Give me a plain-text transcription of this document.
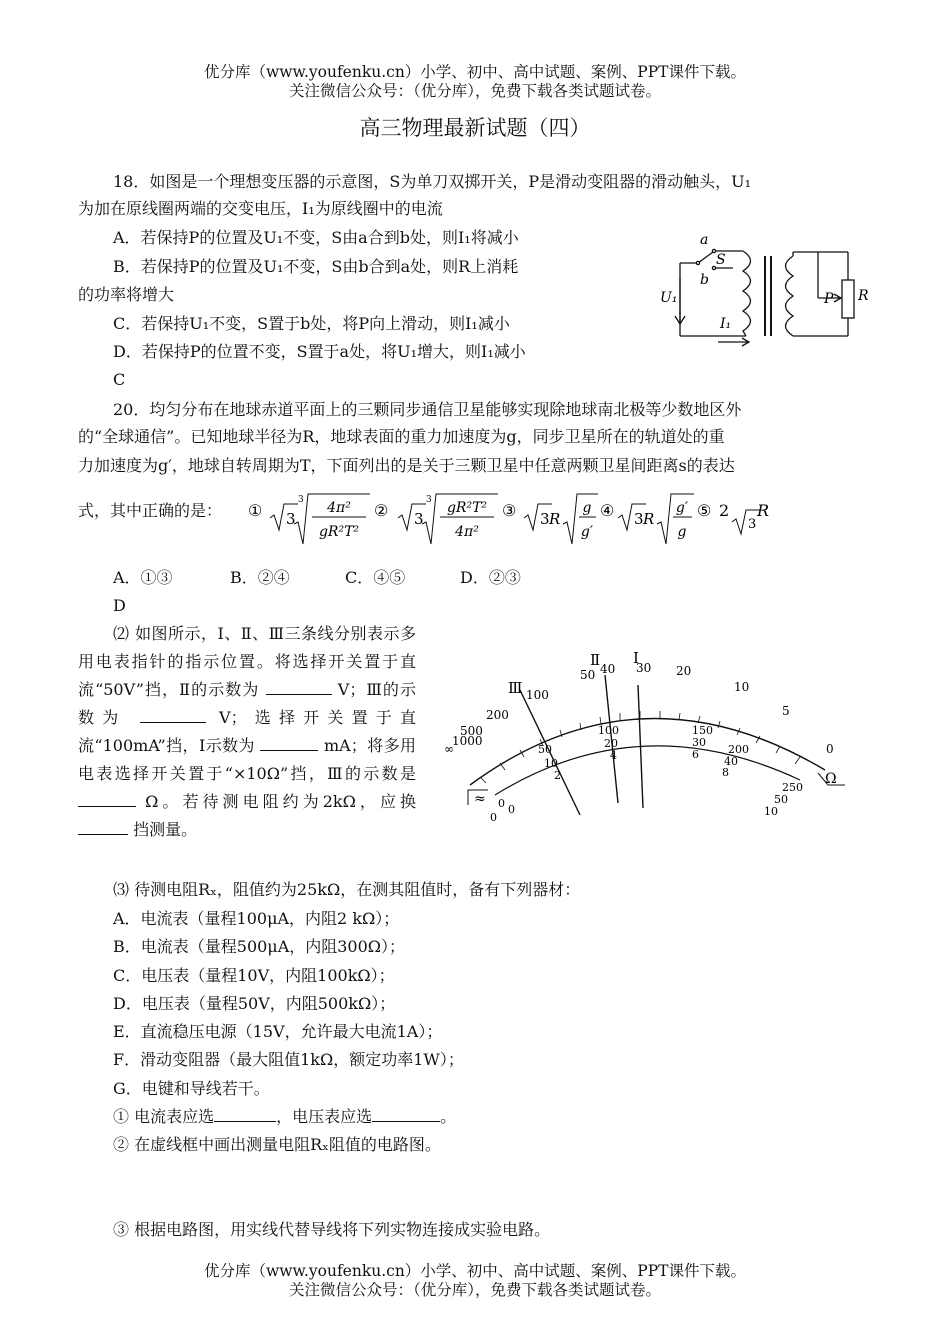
优分库（www.youfenku.cn）小学、初中、高中试题、案例、PPT课件下载。
关注微信公众号：（优分库），免费下载各类试题试卷。
高三物理最新试题（四）
18．如图是一个理想变压器的示意图，S为单刀双掷开关，P是滑动变阻器的滑动触头，U₁
为加在原线圈两端的交变电压，I₁为原线圈中的电流
A．若保持P的位置及U₁不变，S由a合到b处，则I₁将减小
B．若保持P的位置及U₁不变，S由b合到a处，则R上消耗
的功率将增大
C．若保持U₁不变，S置于b处，将P向上滑动，则I₁减小
D．若保持P的位置不变，S置于a处，将U₁增大，则I₁减小
C
a
S
b
U₁
I₁
P R
20．均匀分布在地球赤道平面上的三颗同步通信卫星能够实现除地球南北极等少数地区外
的“全球通信”。已知地球半径为R，地球表面的重力加速度为g，同步卫星所在的轨道处的重
力加速度为g′，地球自转周期为T，下面列出的是关于三颗卫星中任意两颗卫星间距离s的表达
式，其中正确的是： ① 3
3 4π²
gR²T²
② 3
3 gR²T²
4π²
③ 3 R
g
g′
④ 3 R
g′
g
⑤ 2
3
R
A．①③	B．②④	C．④⑤	D．②③
D
⑵ 如图所示，Ⅰ、Ⅱ、Ⅲ三条线分别表示多用电表指针的指示位置。将选择开关置于直流“50V”挡，Ⅱ的示数为	V；Ⅲ的示数为	V；选择开关置于直流“100mA”挡，Ⅰ示数为	mA；将多用电表选择开关置于“×10Ω”挡，Ⅲ的示数是  Ω。若待测电阻约为2kΩ，应换  挡测量。
Ⅰ
Ⅱ
Ⅲ
∞
1000
500
200
100
50 40 30 20
10
5
0
0
50
100	150
200
250
0
10
20	30
40
50
0
2
4	6
8
10
≈
Ω
⑶ 待测电阻Rₓ，阻值约为25kΩ，在测其阻值时，备有下列器材：
A．电流表（量程100μA，内阻2 kΩ）；
B．电流表（量程500μA，内阻300Ω）；
C．电压表（量程10V，内阻100kΩ）；
D．电压表（量程50V，内阻500kΩ）；
E．直流稳压电源（15V，允许最大电流1A）；
F．滑动变阻器（最大阻值1kΩ，额定功率1W）；
G．电键和导线若干。
① 电流表应选	，电压表应选	。
② 在虚线框中画出测量电阻Rₓ阻值的电路图。
③ 根据电路图，用实线代替导线将下列实物连接成实验电路。
优分库（www.youfenku.cn）小学、初中、高中试题、案例、PPT课件下载。
关注微信公众号：（优分库），免费下载各类试题试卷。
